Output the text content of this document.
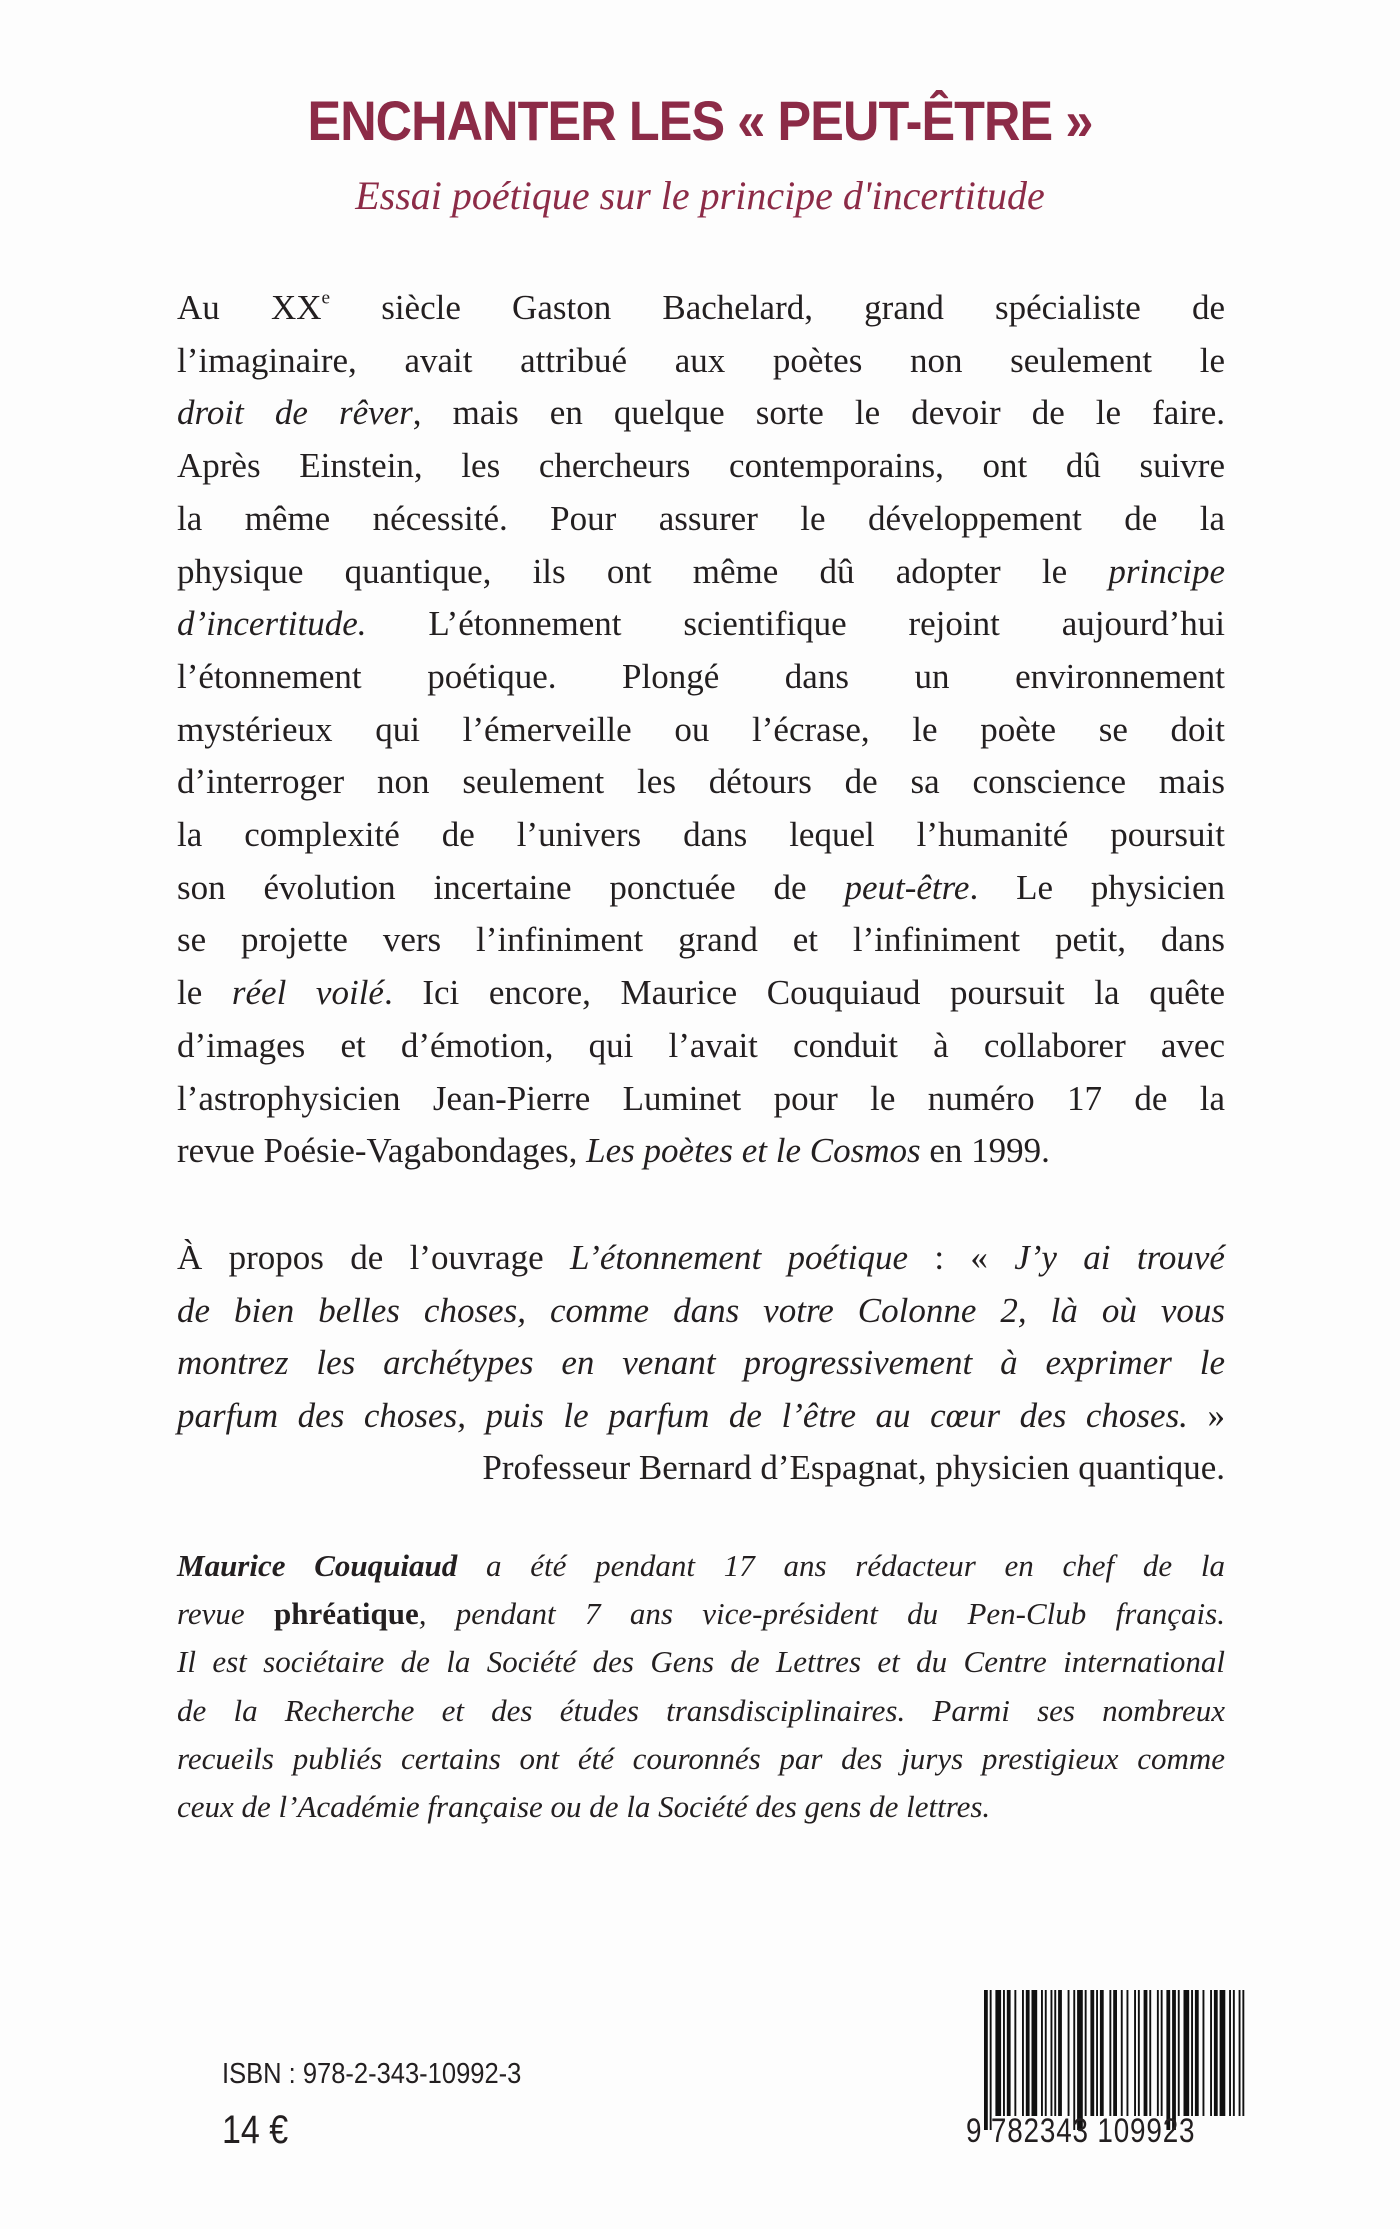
ENCHANTER LES « PEUT-ÊTRE »
Essai poétique sur le principe d'incertitude
Au XXe siècle Gaston Bachelard, grand spécialiste de
l’imaginaire, avait attribué aux poètes non seulement le
droit de rêver, mais en quelque sorte le devoir de le faire.
Après Einstein, les chercheurs contemporains, ont dû suivre
la même nécessité. Pour assurer le développement de la
physique quantique, ils ont même dû adopter le principe
d’incertitude. L’étonnement scientifique rejoint aujourd’hui
l’étonnement poétique. Plongé dans un environnement
mystérieux qui l’émerveille ou l’écrase, le poète se doit
d’interroger non seulement les détours de sa conscience mais
la complexité de l’univers dans lequel l’humanité poursuit
son évolution incertaine ponctuée de peut-être. Le physicien
se projette vers l’infiniment grand et l’infiniment petit, dans
le réel voilé. Ici encore, Maurice Couquiaud poursuit la quête
d’images et d’émotion, qui l’avait conduit à collaborer avec
l’astrophysicien Jean-Pierre Luminet pour le numéro 17 de la
revue Poésie-Vagabondages, Les poètes et le Cosmos en 1999.
À propos de l’ouvrage L’étonnement poétique : « J’y ai trouvé
de bien belles choses, comme dans votre Colonne 2, là où vous
montrez les archétypes en venant progressivement à exprimer le
parfum des choses, puis le parfum de l’être au cœur des choses. »
Professeur Bernard d’Espagnat, physicien quantique.
Maurice Couquiaud a été pendant 17 ans rédacteur en chef de la
revue phréatique, pendant 7 ans vice-président du Pen-Club français.
Il est sociétaire de la Société des Gens de Lettres et du Centre international
de la Recherche et des études transdisciplinaires. Parmi ses nombreux
recueils publiés certains ont été couronnés par des jurys prestigieux comme
ceux de l’Académie française ou de la Société des gens de lettres.
ISBN : 978-2-343-10992-3
14 €	9 782343 109923
